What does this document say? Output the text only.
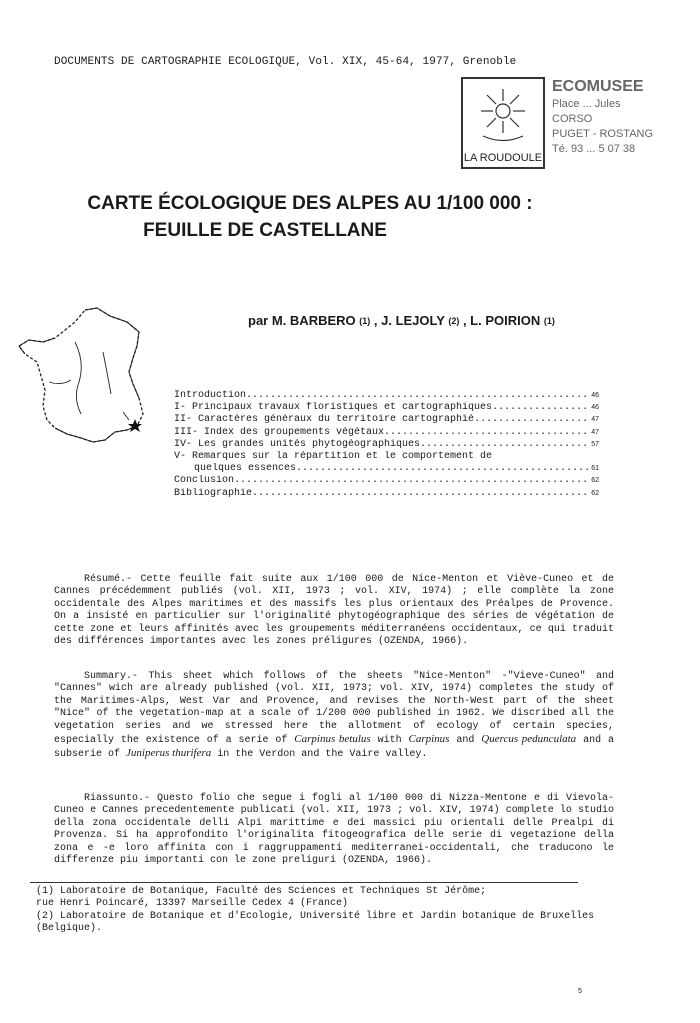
DOCUMENTS DE CARTOGRAPHIE ECOLOGIQUE, Vol. XIX, 45-64, 1977, Grenoble
LA ROUDOULE
ECOMUSEE
Place ... Jules
CORSO
PUGET - ROSTANG
Té. 93 ... 5 07 38
CARTE ÉCOLOGIQUE DES ALPES AU 1/100 000 :
FEUILLE DE CASTELLANE
par M. BARBERO $^{(1)}$ , J. LEJOLY $^{(2)}$ , L. POIRION $^{(1)}$
Introduction .....	46
I- Principaux travaux floristiques et cartographiques .....	46
II- Caractères généraux du territoire cartographié .....	47
III- Index des groupements végétaux .....	47
IV- Les grandes unités phytogéographiques .....	57
V- Remarques sur la répartition et le comportement de
quelques essences .....	61
Conclusion .....	62
Bibliographie .....	62
Résumé.- Cette feuille fait suite aux 1/100 000 de Nice-Menton et Viève-Cuneo et de Cannes précédemment publiés (vol. XII, 1973 ; vol. XIV, 1974) ; elle complète la zone occidentale des Alpes maritimes et des massifs les plus orientaux des Préalpes de Provence. On a insisté en particulier sur l'originalité phytogéographique des séries de végétation de cette zone et leurs affinités avec les groupements méditerranéens occidentaux, ce qui traduit des différences importantes avec les zones préligures (OZENDA, 1966).
Summary.- This sheet which follows of the sheets "Nice-Menton" -"Vieve-Cuneo" and "Cannes" wich are already published (vol. XII, 1973; vol. XIV, 1974) completes the study of the Maritimes-Alps, West Var and Provence, and revises the North-West part of the sheet "Nice" of the vegetation-map at a scale of 1/200 000 published in 1962. We discribed all the vegetation series and we stressed here the allotment of ecology of certain species, especially the existence of a serie of Carpinus betulus with Carpinus and Quercus pedunculata and a subserie of Juniperus thurifera in the Verdon and the Vaire valley.
Riassunto.- Questo folio che segue i fogli al 1/100 000 di Nizza-Mentone e di Vievola-Cuneo e Cannes precedentemente publicati (vol. XII, 1973 ; vol. XIV, 1974) complete lo studio della zona occidentale delli Alpi marittime e dei massici piu orientali delle Prealpi di Provenza. Si ha approfondito l'originalita fitogeografica delle serie di vegetazione della zona e -e loro affinita con i raggruppamenti mediterranei-occidentali, che traducono le differenze piu importanti con le zone preliguri (OZENDA, 1966).
(1) Laboratoire de Botanique, Faculté des Sciences et Techniques St Jérôme;
rue Henri Poincaré, 13397 Marseille Cedex 4 (France)
(2) Laboratoire de Botanique et d'Ecologie, Université libre et Jardin botanique de Bruxelles (Belgique).
5
